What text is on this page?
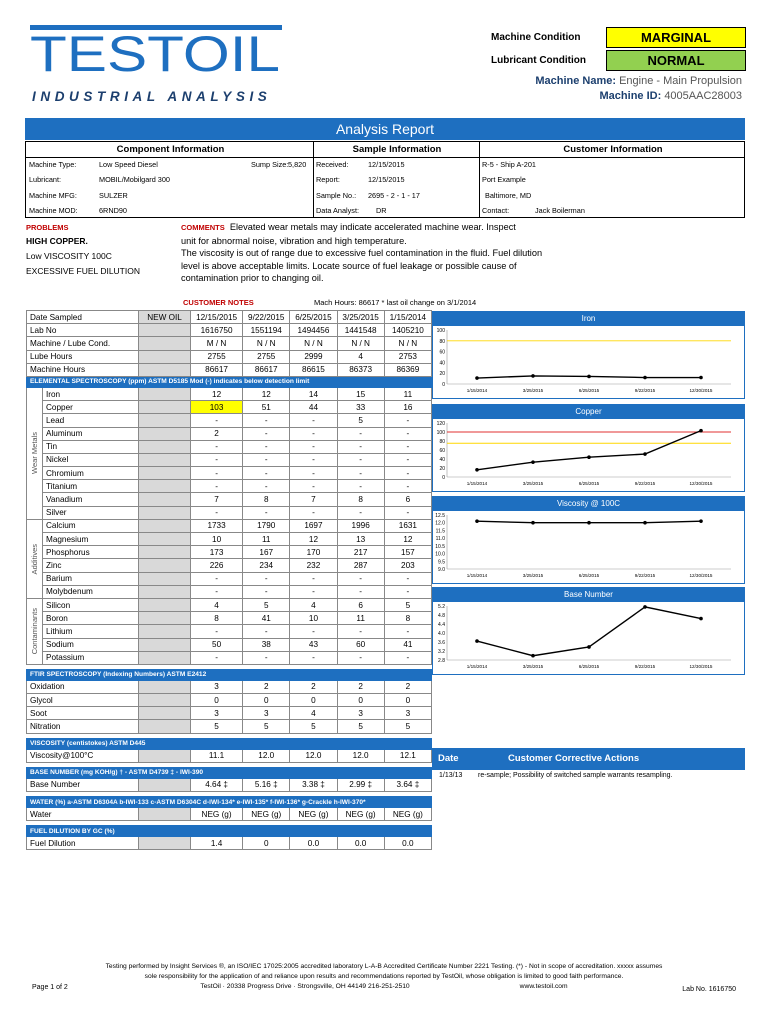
TESTOIL
INDUSTRIAL ANALYSIS
Machine Condition	MARGINAL
Lubricant Condition	NORMAL
Machine Name: Engine - Main Propulsion
Machine ID: 4005AAC28003
Analysis Report
Component Information
Machine Type:	Low Speed Diesel	Sump Size: 5,820
Lubricant:	MOBIL/Mobilgard 300
Machine MFG:	SULZER
Machine MOD:	6RND90
Sample Information
Received:	12/15/2015
Report:	12/15/2015
Sample No.: 2695 - 2 - 1 - 17
Data Analyst: DR
Customer Information
R-5 - Ship A-201
Port Example
Baltimore, MD
Contact:	Jack Boilerman
PROBLEMS
HIGH COPPER.
Low VISCOSITY 100C
EXCESSIVE FUEL DILUTION
COMMENTS Elevated wear metals may indicate accelerated machine wear. Inspect
unit for abnormal noise, vibration and high temperature.
The viscosity is out of range due to excessive fuel contamination in the fluid. Fuel dilution
level is above acceptable limits. Locate source of fuel leakage or possible cause of
contamination prior to changing oil.
CUSTOMER NOTES	Mach Hours: 86617 * last oil change on 3/1/2014
Date Sampled		NEW OIL	12/15/2015	9/22/2015	6/25/2015	3/25/2015	1/15/2014
Lab No			1616750	1551194	1494456	1441548	1405210
Machine / Lube Cond.			M / N	N / N	N / N	N / N	N / N
Lube Hours			2755	2755	2999	4	2753
Machine Hours			86617	86617	86615	86373	86369
ELEMENTAL SPECTROSCOPY (ppm) ASTM D5185 Mod (-) indicates below detection limit							

Wear Metals	Iron		12	12	14	15	11
	Copper		103	51	44	33	16
	Lead		-	-	-	5	-
	Aluminum		2	-	-	-	-
	Tin		-	-	-	-	-
	Nickel		-	-	-	-	-
	Chromium		-	-	-	-	-
	Titanium		-	-	-	-	-
	Vanadium		7	8	7	8	6
	Silver		-	-	-	-	-

Additives	Calcium		1733	1790	1697	1996	1631
	Magnesium		10	11	12	13	12
	Phosphorus		173	167	170	217	157
	Zinc		226	234	232	287	203
	Barium		-	-	-	-	-
	Molybdenum		-	-	-	-	-

Contaminants	Silicon		4	5	4	6	5
	Boron		8	41	10	11	8
	Lithium		-	-	-	-	-
	Sodium		50	38	43	60	41
	Potassium		-	-	-	-	-

FTIR SPECTROSCOPY (Indexing Numbers) ASTM E2412							
Oxidation			3	2	2	2	2
Glycol			0	0	0	0	0
Soot			3	3	4	3	3
Nitration			5	5	5	5	5

VISCOSITY (centistokes) ASTM D445							
Viscosity@100°C			11.1	12.0	12.0	12.0	12.1

BASE NUMBER (mg KOH/g) † - ASTM D4739 ‡ - IWI-390							
Base Number			4.64 ‡	5.16 ‡	3.38 ‡	2.99 ‡	3.64 ‡

WATER (%) a-ASTM D6304A b-IWI-133 c-ASTM D6304C d-IWI-134* e-IWI-135* f-IWI-136* g-Crackle h-IWI-370*							
Water			NEG (g)	NEG (g)	NEG (g)	NEG (g)	NEG (g)

FUEL DILUTION BY GC (%)							
Fuel Dilution			1.4	0	0.0	0.0	0.0
Iron
0
20
40
60
80
100
1/15/2014	3/25/2015	6/25/2015	9/22/2015	12/30/2015
Copper
0
20
40
60
80
100
120
1/15/2014	3/25/2015	6/25/2015	9/22/2015	12/30/2015
Viscosity @ 100C
9.0
9.5
10.0
10.5
11.0
11.5
12.0
12.5
1/15/2014	3/25/2015	6/25/2015	9/22/2015	12/30/2015
Base Number
2.8
3.2
3.6
4.0
4.4
4.8
5.2
1/15/2014	3/25/2015	6/25/2015	9/22/2015	12/30/2015
Date	Customer Corrective Actions
1/13/13 re-sample; Possibility of switched sample warrants resampling.
Testing performed by Insight Services ®, an ISO/IEC 17025:2005 accredited laboratory L-A-B Accredited Certificate Number 2221 Testing. (*) - Not in scope of accreditation. xxxxx assumes
sole responsibility for the application of and reliance upon results and recommendations reported by TestOil, whose obligation is limited to good faith performance.
TestOil · 20338 Progress Drive · Strongsville, OH 44149 216-251-2510	www.testoil.com
Page 1 of 2	Lab No. 1616750
